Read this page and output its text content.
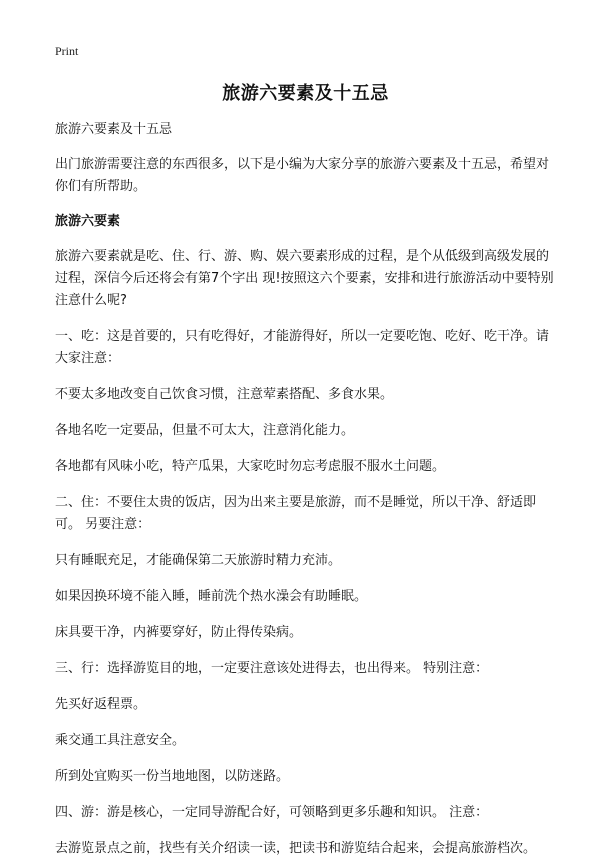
Print
旅游六要素及十五忌
旅游六要素及十五忌

出门旅游需要注意的东西很多，以下是小编为大家分享的旅游六要素及十五忌，希望对你们有所帮助。

旅游六要素

旅游六要素就是吃、住、行、游、购、娱六要素形成的过程，是个从低级到高级发展的过程，深信今后还将会有第7个字出 现!按照这六个要素，安排和进行旅游活动中要特别注意什么呢?

一、吃：这是首要的，只有吃得好，才能游得好，所以一定要吃饱、吃好、吃干净。请大家注意：

不要太多地改变自己饮食习惯，注意荤素搭配、多食水果。

各地名吃一定要品，但量不可太大，注意消化能力。

各地都有风味小吃，特产瓜果，大家吃时勿忘考虑服不服水土问题。

二、住：不要住太贵的饭店，因为出来主要是旅游，而不是睡觉，所以干净、舒适即可。 另要注意：

只有睡眠充足，才能确保第二天旅游时精力充沛。

如果因换环境不能入睡，睡前洗个热水澡会有助睡眠。

床具要干净，内裤要穿好，防止得传染病。

三、行：选择游览目的地，一定要注意该处进得去，也出得来。 特别注意：

先买好返程票。

乘交通工具注意安全。

所到处宜购买一份当地地图，以防迷路。

四、游：游是核心，一定同导游配合好，可领略到更多乐趣和知识。 注意：

去游览景点之前，找些有关介绍读一读，把读书和游览结合起来，会提高旅游档次。
